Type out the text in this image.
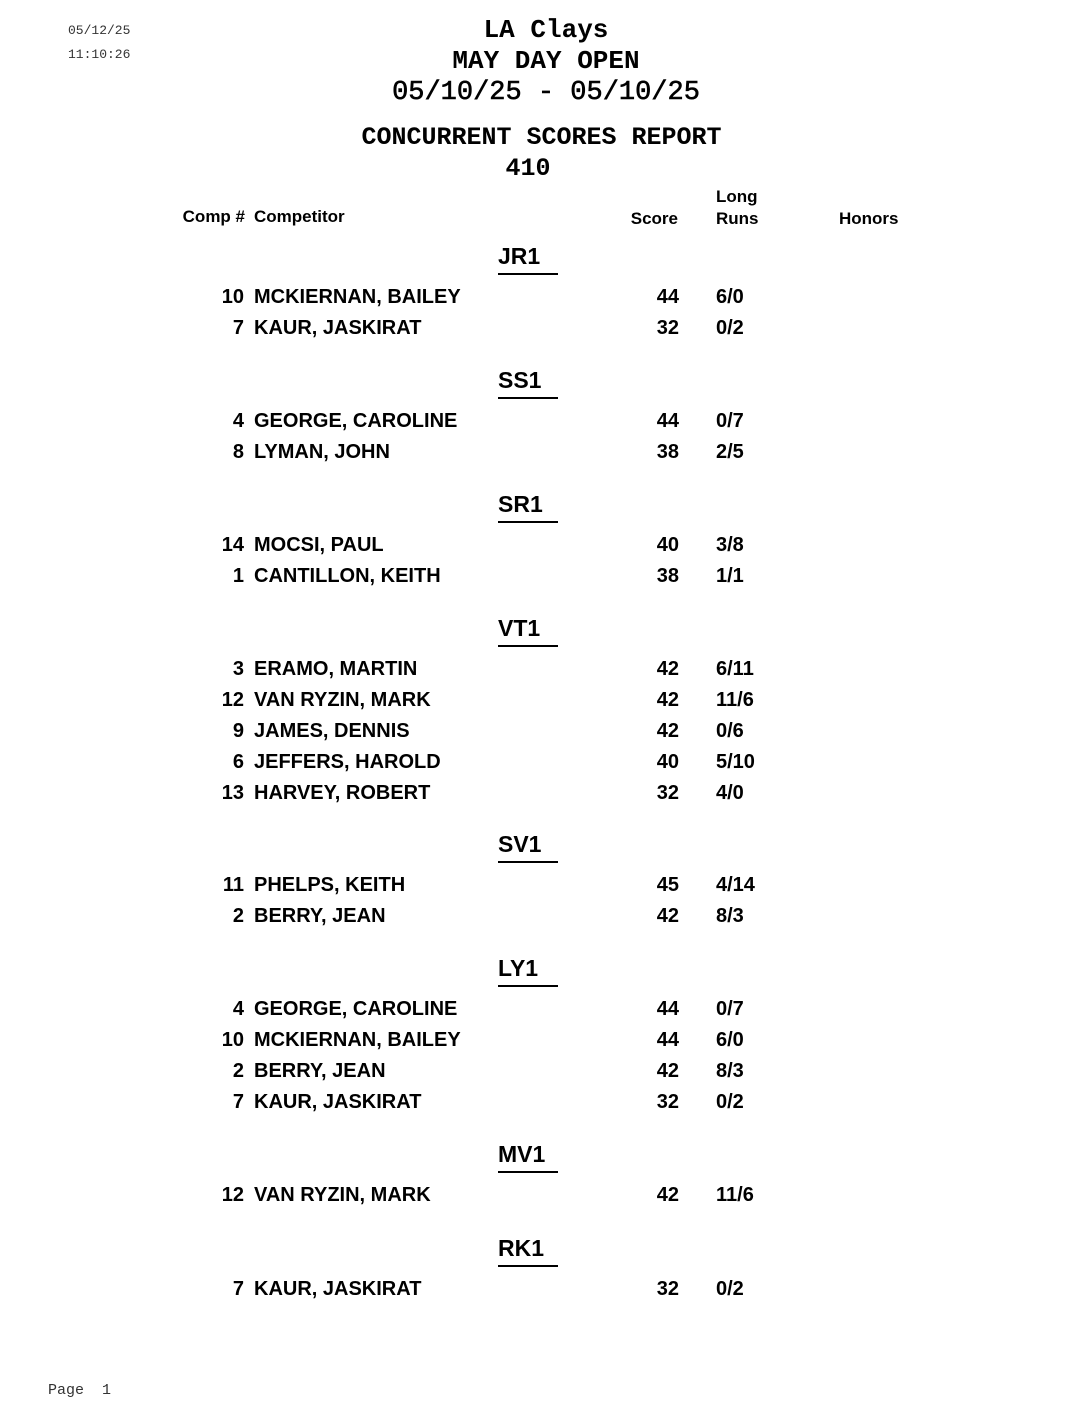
05/12/25
11:10:26
LA Clays
MAY DAY OPEN
05/10/25 - 05/10/25
CONCURRENT SCORES REPORT
410
Comp # Competitor	Score
Long
Runs	Honors
JR1
10 MCKIERNAN, BAILEY	44 6/0
7 KAUR, JASKIRAT	32 0/2
SS1
4 GEORGE, CAROLINE	44 0/7
8 LYMAN, JOHN	38 2/5
SR1
14 MOCSI, PAUL	40 3/8
1 CANTILLON, KEITH	38 1/1
VT1
3 ERAMO, MARTIN	42 6/11
12 VAN RYZIN, MARK	42 11/6
9 JAMES, DENNIS	42 0/6
6 JEFFERS, HAROLD	40 5/10
13 HARVEY, ROBERT	32 4/0
SV1
11 PHELPS, KEITH	45 4/14
2 BERRY, JEAN	42 8/3
LY1
4 GEORGE, CAROLINE	44 0/7
10 MCKIERNAN, BAILEY	44 6/0
2 BERRY, JEAN	42 8/3
7 KAUR, JASKIRAT	32 0/2
MV1
12 VAN RYZIN, MARK	42 11/6
RK1
7 KAUR, JASKIRAT	32 0/2
Page 1
